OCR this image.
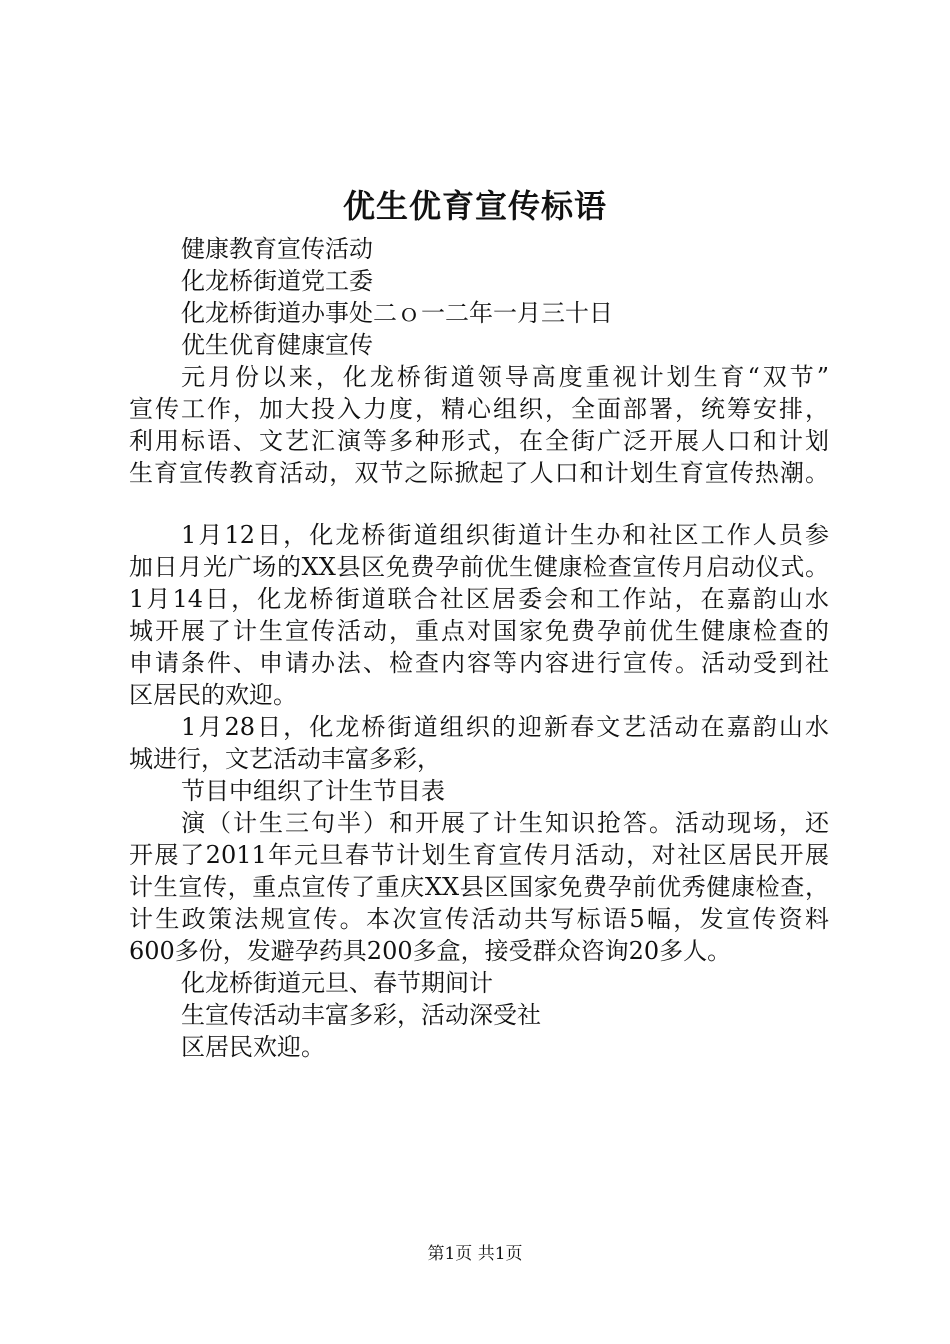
优生优育宣传标语
健康教育宣传活动
化龙桥街道党工委
化龙桥街道办事处二ｏ一二年一月三十日
优生优育健康宣传
元月份以来，化龙桥街道领导高度重视计划生育“双节”
宣传工作，加大投入力度，精心组织，全面部署，统筹安排，
利用标语、文艺汇演等多种形式，在全街广泛开展人口和计划
生育宣传教育活动，双节之际掀起了人口和计划生育宣传热潮。
1月12日，化龙桥街道组织街道计生办和社区工作人员参
加日月光广场的XX县区免费孕前优生健康检查宣传月启动仪式。
1月14日，化龙桥街道联合社区居委会和工作站，在嘉韵山水
城开展了计生宣传活动，重点对国家免费孕前优生健康检查的
申请条件、申请办法、检查内容等内容进行宣传。活动受到社
区居民的欢迎。
1月28日，化龙桥街道组织的迎新春文艺活动在嘉韵山水
城进行，文艺活动丰富多彩，
节目中组织了计生节目表
演（计生三句半）和开展了计生知识抢答。活动现场，还
开展了2011年元旦春节计划生育宣传月活动，对社区居民开展
计生宣传，重点宣传了重庆XX县区国家免费孕前优秀健康检查，
计生政策法规宣传。本次宣传活动共写标语5幅，发宣传资料
600多份，发避孕药具200多盒，接受群众咨询20多人。
化龙桥街道元旦、春节期间计
生宣传活动丰富多彩，活动深受社
区居民欢迎。
第1页 共1页
